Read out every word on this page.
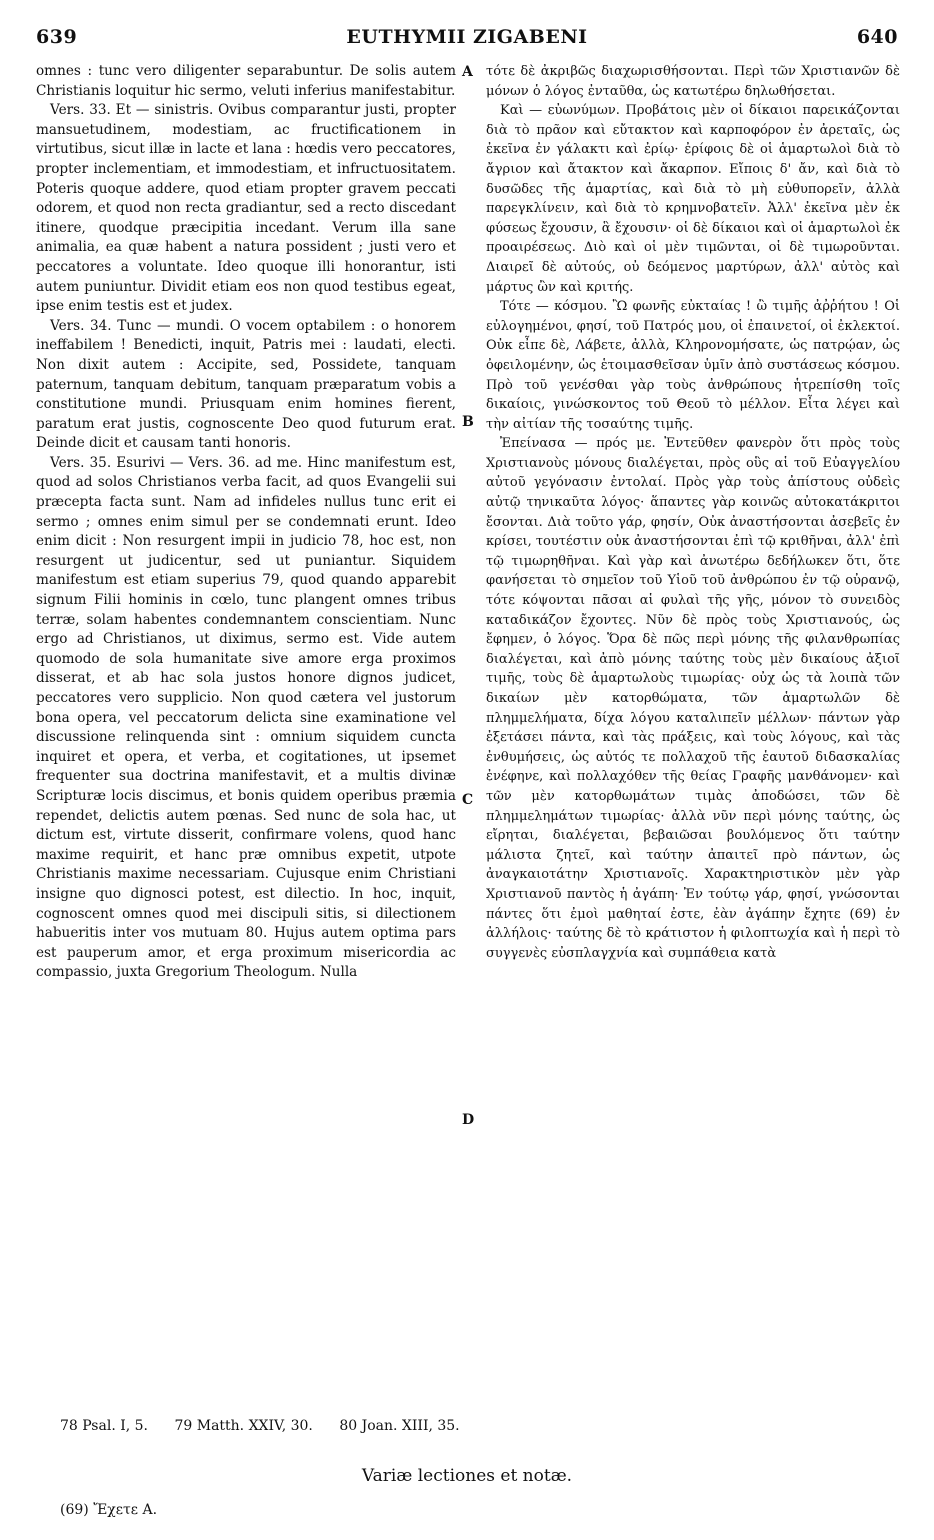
639	EUTHYMII ZIGABENI	640

omnes : tunc vero diligenter separabuntur. De solis autem Christianis loquitur hic sermo, veluti inferius manifestabitur.

Vers. 33. Et — sinistris. Ovibus comparantur justi, propter mansuetudinem, modestiam, ac fructificationem in virtutibus, sicut illæ in lacte et lana : hœdis vero peccatores, propter inclementiam, et immodestiam, et infructuositatem. Poteris quoque addere, quod etiam propter gravem peccati odorem, et quod non recta gradiantur, sed a recto discedant itinere, quodque præcipitia incedant. Verum illa sane animalia, ea quæ habent a natura possident ; justi vero et peccatores a voluntate. Ideo quoque illi honorantur, isti autem puniuntur. Dividit etiam eos non quod testibus egeat, ipse enim testis est et judex.

Vers. 34. Tunc — mundi. O vocem optabilem : o honorem ineffabilem ! Benedicti, inquit, Patris mei : laudati, electi. Non dixit autem : Accipite, sed, Possidete, tanquam paternum, tanquam debitum, tanquam præparatum vobis a constitutione mundi. Priusquam enim homines fierent, paratum erat justis, cognoscente Deo quod futurum erat. Deinde dicit et causam tanti honoris.

Vers. 35. Esurivi — Vers. 36. ad me. Hinc manifestum est, quod ad solos Christianos verba facit, ad quos Evangelii sui præcepta facta sunt. Nam ad infideles nullus tunc erit ei sermo ; omnes enim simul per se condemnati erunt. Ideo enim dicit : Non resurgent impii in judicio 78, hoc est, non resurgent ut judicentur, sed ut puniantur. Siquidem manifestum est etiam superius 79, quod quando apparebit signum Filii hominis in cœlo, tunc plangent omnes tribus terræ, solam habentes condemnantem conscientiam. Nunc ergo ad Christianos, ut diximus, sermo est. Vide autem quomodo de sola humanitate sive amore erga proximos disserat, et ab hac sola justos honore dignos judicet, peccatores vero supplicio. Non quod cætera vel justorum bona opera, vel peccatorum delicta sine examinatione vel discussione relinquenda sint : omnium siquidem cuncta inquiret et opera, et verba, et cogitationes, ut ipsemet frequenter sua doctrina manifestavit, et a multis divinæ Scripturæ locis discimus, et bonis quidem operibus præmia rependet, delictis autem pœnas. Sed nunc de sola hac, ut dictum est, virtute disserit, confirmare volens, quod hanc maxime requirit, et hanc præ omnibus expetit, utpote Christianis maxime necessariam. Cujusque enim Christiani insigne quo dignosci potest, est dilectio. In hoc, inquit, cognoscent omnes quod mei discipuli sitis, si dilectionem habueritis inter vos mutuam 80. Hujus autem optima pars est pauperum amor, et erga proximum misericordia ac compassio, juxta Gregorium Theologum. Nulla

A
B
C
D

τότε δὲ ἀκριβῶς διαχωρισθήσονται. Περὶ τῶν Χριστιανῶν δὲ μόνων ὁ λόγος ἐνταῦθα, ὡς κατωτέρω δηλωθήσεται.

Καὶ — εὐωνύμων. Προβάτοις μὲν οἱ δίκαιοι παρεικάζονται διὰ τὸ πρᾶον καὶ εὔτακτον καὶ καρποφόρον ἐν ἀρεταῖς, ὡς ἐκεῖνα ἐν γάλακτι καὶ ἐρίῳ· ἐρίφοις δὲ οἱ ἁμαρτωλοὶ διὰ τὸ ἄγριον καὶ ἄτακτον καὶ ἄκαρπον. Εἴποις δ' ἄν, καὶ διὰ τὸ δυσῶδες τῆς ἁμαρτίας, καὶ διὰ τὸ μὴ εὐθυπορεῖν, ἀλλὰ παρεγκλίνειν, καὶ διὰ τὸ κρημνοβατεῖν. Ἀλλ' ἐκεῖνα μὲν ἐκ φύσεως ἔχουσιν, ἃ ἔχουσιν· οἱ δὲ δίκαιοι καὶ οἱ ἁμαρτωλοὶ ἐκ προαιρέσεως. Διὸ καὶ οἱ μὲν τιμῶνται, οἱ δὲ τιμωροῦνται. Διαιρεῖ δὲ αὐτούς, οὐ δεόμενος μαρτύρων, ἀλλ' αὐτὸς καὶ μάρτυς ὢν καὶ κριτής.

Τότε — κόσμου. Ὢ φωνῆς εὐκταίας ! ὢ τιμῆς ἀῤῥήτου ! Οἱ εὐλογημένοι, φησί, τοῦ Πατρός μου, οἱ ἐπαινετοί, οἱ ἐκλεκτοί. Οὐκ εἶπε δὲ, Λάβετε, ἀλλὰ, Κληρονομήσατε, ὡς πατρῴαν, ὡς ὀφειλομένην, ὡς ἑτοιμασθεῖσαν ὑμῖν ἀπὸ συστάσεως κόσμου. Πρὸ τοῦ γενέσθαι γὰρ τοὺς ἀνθρώπους ἡτρεπίσθη τοῖς δικαίοις, γινώσκοντος τοῦ Θεοῦ τὸ μέλλον. Εἶτα λέγει καὶ τὴν αἰτίαν τῆς τοσαύτης τιμῆς.

Ἐπείνασα — πρός με. Ἐντεῦθεν φανερὸν ὅτι πρὸς τοὺς Χριστιανοὺς μόνους διαλέγεται, πρὸς οὓς αἱ τοῦ Εὐαγγελίου αὐτοῦ γεγόνασιν ἐντολαί. Πρὸς γὰρ τοὺς ἀπίστους οὐδεὶς αὐτῷ τηνικαῦτα λόγος· ἅπαντες γὰρ κοινῶς αὐτοκατάκριτοι ἔσονται. Διὰ τοῦτο γάρ, φησίν, Οὐκ ἀναστήσονται ἀσεβεῖς ἐν κρίσει, τουτέστιν οὐκ ἀναστήσονται ἐπὶ τῷ κριθῆναι, ἀλλ' ἐπὶ τῷ τιμωρηθῆναι. Καὶ γὰρ καὶ ἀνωτέρω δεδήλωκεν ὅτι, ὅτε φανήσεται τὸ σημεῖον τοῦ Υἱοῦ τοῦ ἀνθρώπου ἐν τῷ οὐρανῷ, τότε κόψονται πᾶσαι αἱ φυλαὶ τῆς γῆς, μόνον τὸ συνειδὸς καταδικάζον ἔχοντες. Νῦν δὲ πρὸς τοὺς Χριστιανούς, ὡς ἔφημεν, ὁ λόγος. Ὅρα δὲ πῶς περὶ μόνης τῆς φιλανθρωπίας διαλέγεται, καὶ ἀπὸ μόνης ταύτης τοὺς μὲν δικαίους ἀξιοῖ τιμῆς, τοὺς δὲ ἁμαρτωλοὺς τιμωρίας· οὐχ ὡς τὰ λοιπὰ τῶν δικαίων μὲν κατορθώματα, τῶν ἁμαρτωλῶν δὲ πλημμελήματα, δίχα λόγου καταλιπεῖν μέλλων· πάντων γὰρ ἐξετάσει πάντα, καὶ τὰς πράξεις, καὶ τοὺς λόγους, καὶ τὰς ἐνθυμήσεις, ὡς αὐτός τε πολλαχοῦ τῆς ἑαυτοῦ διδασκαλίας ἐνέφηνε, καὶ πολλαχόθεν τῆς θείας Γραφῆς μανθάνομεν· καὶ τῶν μὲν κατορθωμάτων τιμὰς ἀποδώσει, τῶν δὲ πλημμελημάτων τιμωρίας· ἀλλὰ νῦν περὶ μόνης ταύτης, ὡς εἴρηται, διαλέγεται, βεβαιῶσαι βουλόμενος ὅτι ταύτην μάλιστα ζητεῖ, καὶ ταύτην ἀπαιτεῖ πρὸ πάντων, ὡς ἀναγκαιοτάτην Χριστιανοῖς. Χαρακτηριστικὸν μὲν γὰρ Χριστιανοῦ παντὸς ἡ ἀγάπη· Ἐν τούτῳ γάρ, φησί, γνώσονται πάντες ὅτι ἐμοὶ μαθηταί ἐστε, ἐὰν ἀγάπην ἔχητε (69) ἐν ἀλλήλοις· ταύτης δὲ τὸ κράτιστον ἡ φιλοπτωχία καὶ ἡ περὶ τὸ συγγενὲς εὐσπλαγχνία καὶ συμπάθεια κατὰ

78 Psal. I, 5. 79 Matth. XXIV, 30. 80 Joan. XIII, 35.
Variæ lectiones et notæ.
(69) Ἔχετε Α.
